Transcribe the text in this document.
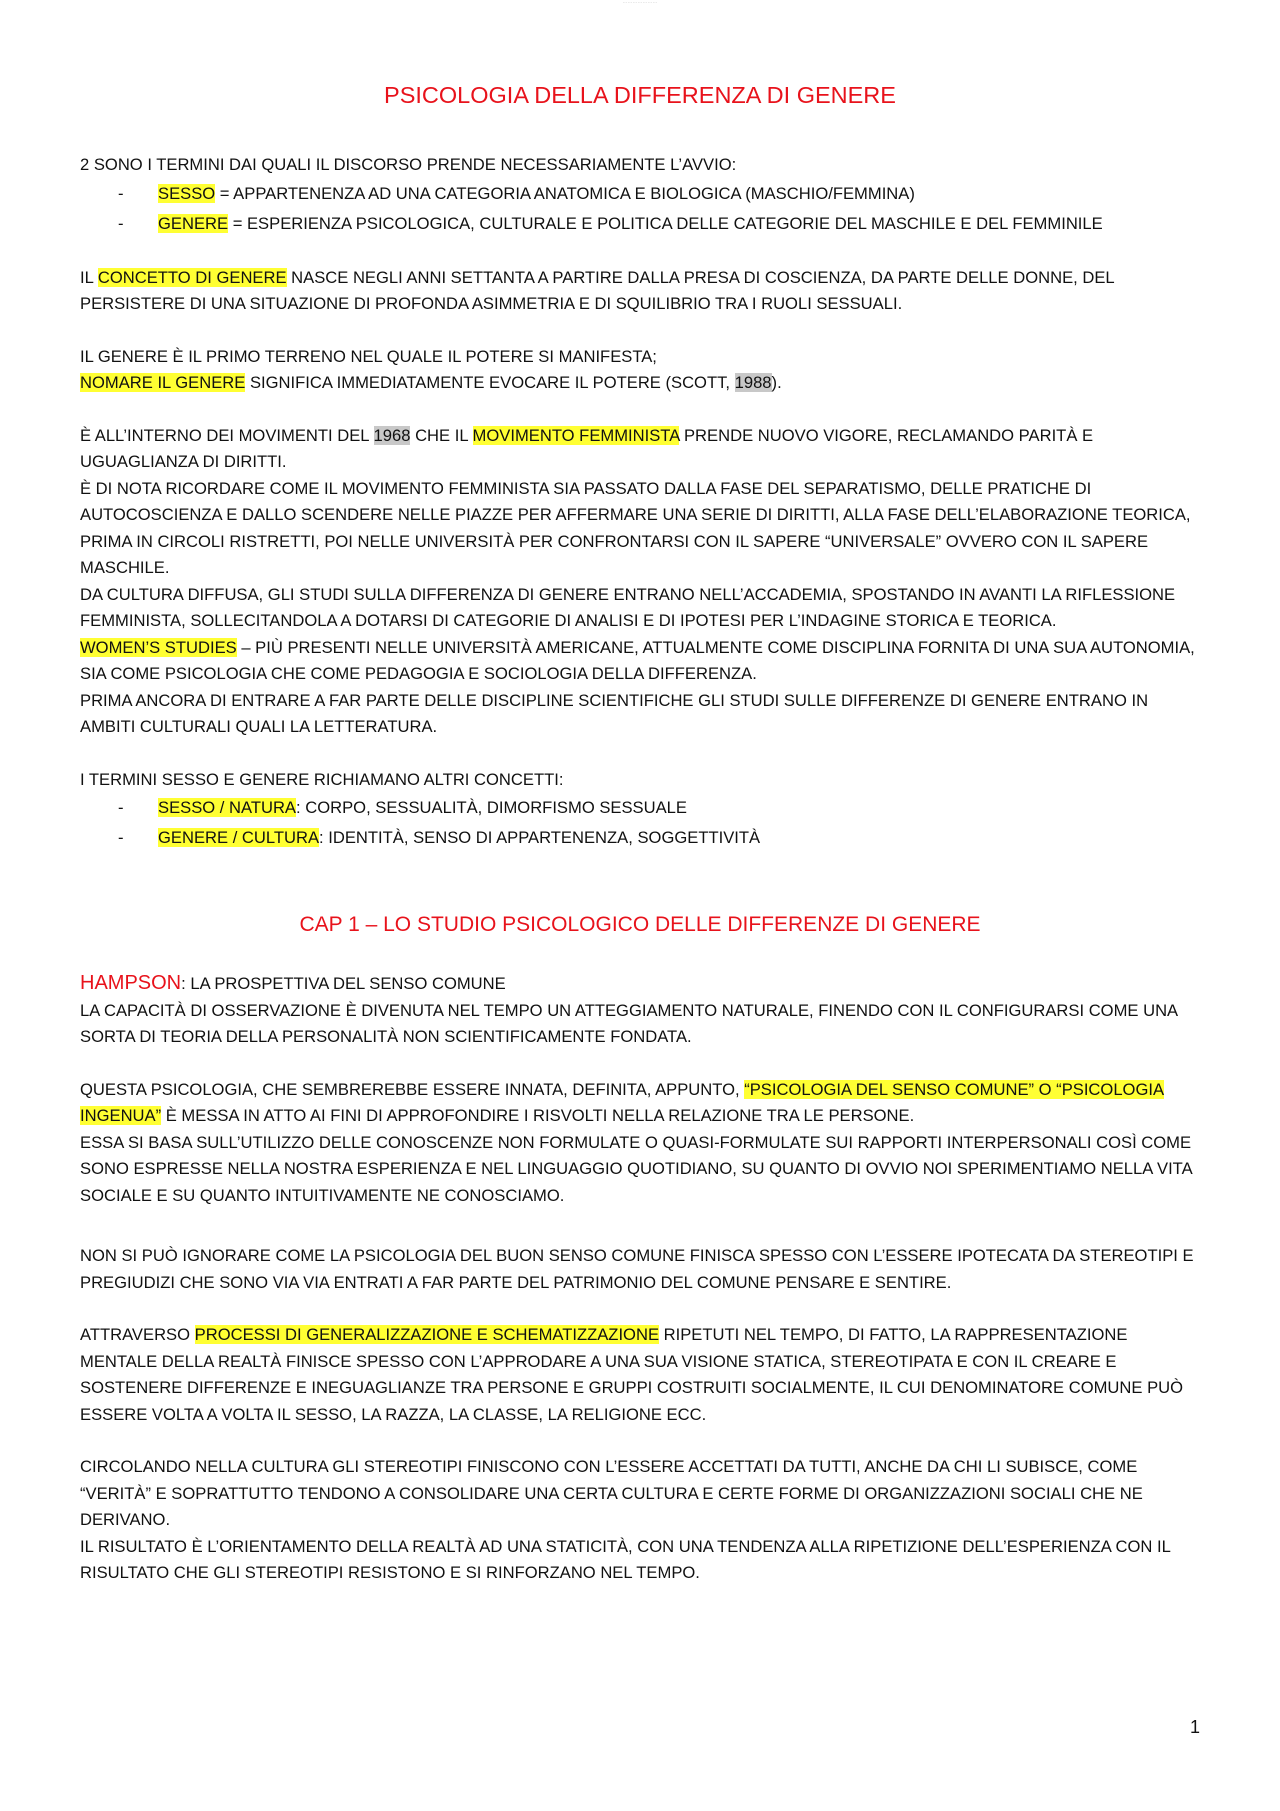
·····················
PSICOLOGIA DELLA DIFFERENZA DI GENERE

2 SONO I TERMINI DAI QUALI IL DISCORSO PRENDE NECESSARIAMENTE L’AVVIO:

- SESSO = APPARTENENZA AD UNA CATEGORIA ANATOMICA E BIOLOGICA (MASCHIO/FEMMINA)
- GENERE = ESPERIENZA PSICOLOGICA, CULTURALE E POLITICA DELLE CATEGORIE DEL MASCHILE E DEL FEMMINILE

IL CONCETTO DI GENERE NASCE NEGLI ANNI SETTANTA A PARTIRE DALLA PRESA DI COSCIENZA, DA PARTE DELLE DONNE, DEL PERSISTERE DI UNA SITUAZIONE DI PROFONDA ASIMMETRIA E DI SQUILIBRIO TRA I RUOLI SESSUALI.

IL GENERE È IL PRIMO TERRENO NEL QUALE IL POTERE SI MANIFESTA;

NOMARE IL GENERE SIGNIFICA IMMEDIATAMENTE EVOCARE IL POTERE (SCOTT, 1988).

È ALL’INTERNO DEI MOVIMENTI DEL 1968 CHE IL MOVIMENTO FEMMINISTA PRENDE NUOVO VIGORE, RECLAMANDO PARITÀ E UGUAGLIANZA DI DIRITTI.

È DI NOTA RICORDARE COME IL MOVIMENTO FEMMINISTA SIA PASSATO DALLA FASE DEL SEPARATISMO, DELLE PRATICHE DI AUTOCOSCIENZA E DALLO SCENDERE NELLE PIAZZE PER AFFERMARE UNA SERIE DI DIRITTI, ALLA FASE DELL’ELABORAZIONE TEORICA, PRIMA IN CIRCOLI RISTRETTI, POI NELLE UNIVERSITÀ PER CONFRONTARSI CON IL SAPERE “UNIVERSALE” OVVERO CON IL SAPERE MASCHILE.

DA CULTURA DIFFUSA, GLI STUDI SULLA DIFFERENZA DI GENERE ENTRANO NELL’ACCADEMIA, SPOSTANDO IN AVANTI LA RIFLESSIONE FEMMINISTA, SOLLECITANDOLA A DOTARSI DI CATEGORIE DI ANALISI E DI IPOTESI PER L’INDAGINE STORICA E TEORICA.

WOMEN’S STUDIES – PIÙ PRESENTI NELLE UNIVERSITÀ AMERICANE, ATTUALMENTE COME DISCIPLINA FORNITA DI UNA SUA AUTONOMIA, SIA COME PSICOLOGIA CHE COME PEDAGOGIA E SOCIOLOGIA DELLA DIFFERENZA.

PRIMA ANCORA DI ENTRARE A FAR PARTE DELLE DISCIPLINE SCIENTIFICHE GLI STUDI SULLE DIFFERENZE DI GENERE ENTRANO IN AMBITI CULTURALI QUALI LA LETTERATURA.

I TERMINI SESSO E GENERE RICHIAMANO ALTRI CONCETTI:

- SESSO / NATURA: CORPO, SESSUALITÀ, DIMORFISMO SESSUALE
- GENERE / CULTURA: IDENTITÀ, SENSO DI APPARTENENZA, SOGGETTIVITÀ
CAP 1 – LO STUDIO PSICOLOGICO DELLE DIFFERENZE DI GENERE

HAMPSON: LA PROSPETTIVA DEL SENSO COMUNE

LA CAPACITÀ DI OSSERVAZIONE È DIVENUTA NEL TEMPO UN ATTEGGIAMENTO NATURALE, FINENDO CON IL CONFIGURARSI COME UNA SORTA DI TEORIA DELLA PERSONALITÀ NON SCIENTIFICAMENTE FONDATA.

QUESTA PSICOLOGIA, CHE SEMBREREBBE ESSERE INNATA, DEFINITA, APPUNTO, “PSICOLOGIA DEL SENSO COMUNE” O “PSICOLOGIA INGENUA” È MESSA IN ATTO AI FINI DI APPROFONDIRE I RISVOLTI NELLA RELAZIONE TRA LE PERSONE.

ESSA SI BASA SULL’UTILIZZO DELLE CONOSCENZE NON FORMULATE O QUASI-FORMULATE SUI RAPPORTI INTERPERSONALI COSÌ COME SONO ESPRESSE NELLA NOSTRA ESPERIENZA E NEL LINGUAGGIO QUOTIDIANO, SU QUANTO DI OVVIO NOI SPERIMENTIAMO NELLA VITA SOCIALE E SU QUANTO INTUITIVAMENTE NE CONOSCIAMO.

NON SI PUÒ IGNORARE COME LA PSICOLOGIA DEL BUON SENSO COMUNE FINISCA SPESSO CON L’ESSERE IPOTECATA DA STEREOTIPI E PREGIUDIZI CHE SONO VIA VIA ENTRATI A FAR PARTE DEL PATRIMONIO DEL COMUNE PENSARE E SENTIRE.

ATTRAVERSO PROCESSI DI GENERALIZZAZIONE E SCHEMATIZZAZIONE RIPETUTI NEL TEMPO, DI FATTO, LA RAPPRESENTAZIONE MENTALE DELLA REALTÀ FINISCE SPESSO CON L’APPRODARE A UNA SUA VISIONE STATICA, STEREOTIPATA E CON IL CREARE E SOSTENERE DIFFERENZE E INEGUAGLIANZE TRA PERSONE E GRUPPI COSTRUITI SOCIALMENTE, IL CUI DENOMINATORE COMUNE PUÒ ESSERE VOLTA A VOLTA IL SESSO, LA RAZZA, LA CLASSE, LA RELIGIONE ECC.

CIRCOLANDO NELLA CULTURA GLI STEREOTIPI FINISCONO CON L’ESSERE ACCETTATI DA TUTTI, ANCHE DA CHI LI SUBISCE, COME “VERITÀ” E SOPRATTUTTO TENDONO A CONSOLIDARE UNA CERTA CULTURA E CERTE FORME DI ORGANIZZAZIONI SOCIALI CHE NE DERIVANO.

IL RISULTATO È L’ORIENTAMENTO DELLA REALTÀ AD UNA STATICITÀ, CON UNA TENDENZA ALLA RIPETIZIONE DELL’ESPERIENZA CON IL RISULTATO CHE GLI STEREOTIPI RESISTONO E SI RINFORZANO NEL TEMPO.

1
